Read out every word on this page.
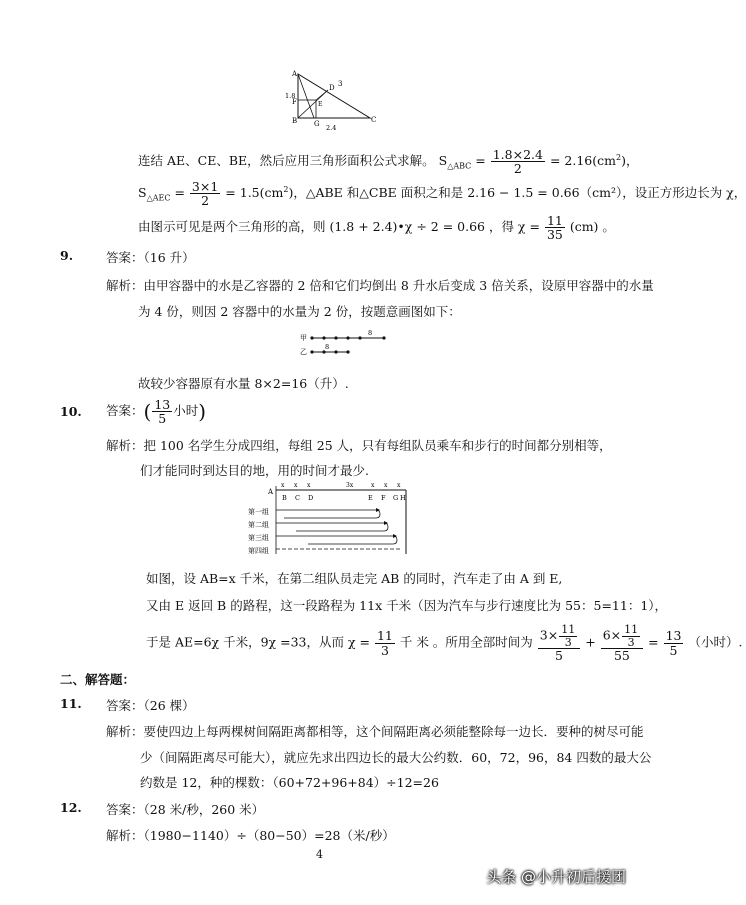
A
B	C
D
E
F
G
3
1.8
2.4
连结 AE、CE、BE，然后应用三角形面积公式求解。 $S_{\triangle ABC} = \frac{1.8\times 2.4}{2} = 2.16(cm^2)$，
$S_{\triangle AEC} = \frac{3\times 1}{2} = 1.5(cm^2)$，△ABE 和△CBE 面积之和是 2.16 − 1.5 = 0.66（cm²），设正方形边长为 χ，
由图示可见是两个三角形的高，则 (1.8 + 2.4)•χ ÷ 2 = 0.66 ，得 $\chi = \frac{11}{35} (cm)$ 。
9.	答案：（16 升）
解析：由甲容器中的水是乙容器的 2 倍和它们均倒出 8 升水后变成 3 倍关系，设原甲容器中的水量
为 4 份，则因 2 容器中的水量为 2 份，按题意画图如下：
甲
乙
8
8
故较少容器原有水量 8×2=16（升）.
10. 答案：( $\frac{13}{5}$ 小时)
解析：把 100 名学生分成四组，每组 25 人，只有每组队员乘车和步行的时间都分别相等，
们才能同时到达目的地，用的时间才最少.
A
x x x	3x	x x x
B C D	E F G H
第一组
第二组
第三组
第四组
如图，设 AB=x 千米，在第二组队员走完 AB 的同时，汽车走了由 A 到 E,
又由 E 返回 B 的路程，这一段路程为 11x 千米（因为汽车与步行速度比为 55：5=11：1），
于是 AE=6χ 千米，9χ =33，从而 $\chi = \frac{11}{3}$ 千 米 。所用全部时间为 $\frac{3\times \frac{11}{3}}{5} + \frac{6\times \frac{11}{3}}{55} = \frac{13}{5}$ （小时）.
二、解答题：
11. 答案：（26 棵）
解析：要使四边上每两棵树间隔距离都相等，这个间隔距离必须能整除每一边长．要种的树尽可能
少（间隔距离尽可能大），就应先求出四边长的最大公约数．60，72，96，84 四数的最大公
约数是 12，种的棵数：（60+72+96+84）÷12=26
12. 答案：（28 米/秒，260 米）
解析：（1980−1140）÷（80−50）=28（米/秒）
4
头条 @小升初后援团
